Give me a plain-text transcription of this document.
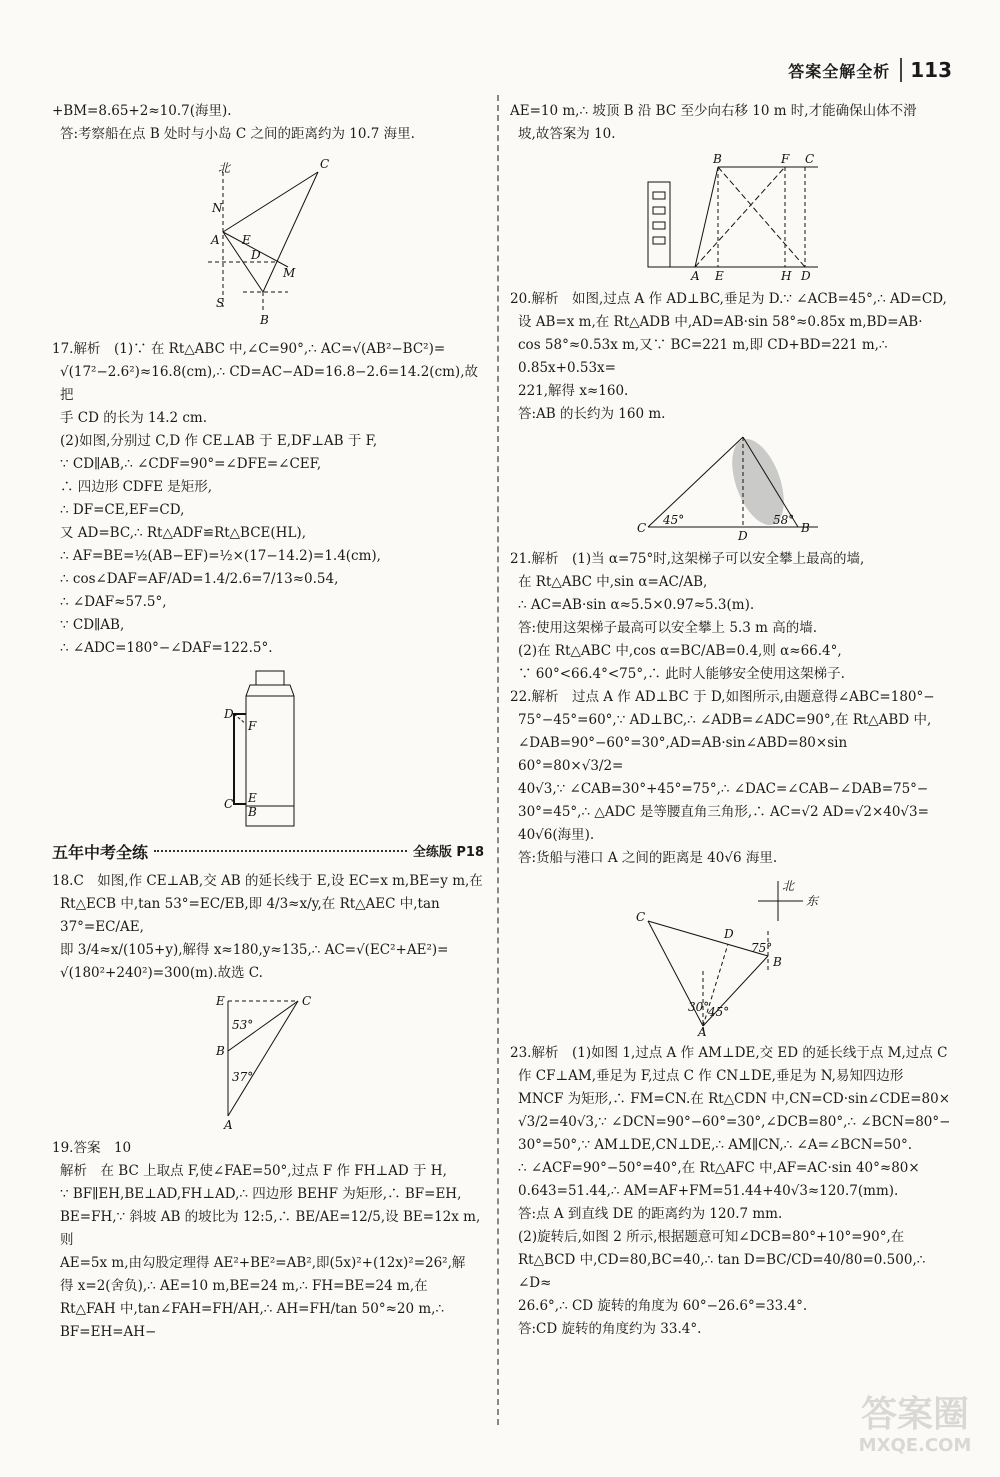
答案全解全析	113

+BM=8.65+2≈10.7(海里).

答:考察船在点 B 处时与小岛 C 之间的距离约为 10.7 海里.

北
N
A E
D
M
S
B
C

17.解析　(1)∵ 在 Rt△ABC 中,∠C=90°,∴ AC=√(AB²−BC²)=

√(17²−2.6²)≈16.8(cm),∴ CD=AC−AD=16.8−2.6=14.2(cm),故把

手 CD 的长为 14.2 cm.

(2)如图,分别过 C,D 作 CE⊥AB 于 E,DF⊥AB 于 F,

∵ CD∥AB,∴ ∠CDF=90°=∠DFE=∠CEF,

∴ 四边形 CDFE 是矩形,

∴ DF=CE,EF=CD,

又 AD=BC,∴ Rt△ADF≌Rt△BCE(HL),

∴ AF=BE=½(AB−EF)=½×(17−14.2)=1.4(cm),

∴ cos∠DAF=AF/AD=1.4/2.6=7/13≈0.54,

∴ ∠DAF≈57.5°,

∵ CD∥AB,

∴ ∠ADC=180°−∠DAF=122.5°.

D
F
C E
B
五年中考全练	全练版 P18

18.C　如图,作 CE⊥AB,交 AB 的延长线于 E,设 EC=x m,BE=y m,在

Rt△ECB 中,tan 53°=EC/EB,即 4/3≈x/y,在 Rt△AEC 中,tan 37°=EC/AE,

即 3/4≈x/(105+y),解得 x≈180,y≈135,∴ AC=√(EC²+AE²)=

√(180²+240²)=300(m).故选 C.

E	C
53°
B
37°
A

19.答案　10

解析　在 BC 上取点 F,使∠FAE=50°,过点 F 作 FH⊥AD 于 H,

∵ BF∥EH,BE⊥AD,FH⊥AD,∴ 四边形 BEHF 为矩形,∴ BF=EH,

BE=FH,∵ 斜坡 AB 的坡比为 12:5,∴ BE/AE=12/5,设 BE=12x m,则

AE=5x m,由勾股定理得 AE²+BE²=AB²,即(5x)²+(12x)²=26²,解

得 x=2(舍负),∴ AE=10 m,BE=24 m,∴ FH=BE=24 m,在

Rt△FAH 中,tan∠FAH=FH/AH,∴ AH=FH/tan 50°≈20 m,∴ BF=EH=AH−

AE=10 m,∴ 坡顶 B 沿 BC 至少向右移 10 m 时,才能确保山体不滑

坡,故答案为 10.

B	F C
A E	H D

20.解析　如图,过点 A 作 AD⊥BC,垂足为 D.∵ ∠ACB=45°,∴ AD=CD,

设 AB=x m,在 Rt△ADB 中,AD=AB·sin 58°≈0.85x m,BD=AB·

cos 58°≈0.53x m,又∵ BC=221 m,即 CD+BD=221 m,∴ 0.85x+0.53x=

221,解得 x≈160.

答:AB 的长约为 160 m.

C
45°
D
58°
B

21.解析　(1)当 α=75°时,这架梯子可以安全攀上最高的墙,

在 Rt△ABC 中,sin α=AC/AB,

∴ AC=AB·sin α≈5.5×0.97≈5.3(m).

答:使用这架梯子最高可以安全攀上 5.3 m 高的墙.

(2)在 Rt△ABC 中,cos α=BC/AB=0.4,则 α≈66.4°,

∵ 60°<66.4°<75°,∴ 此时人能够安全使用这架梯子.

22.解析　过点 A 作 AD⊥BC 于 D,如图所示,由题意得∠ABC=180°−

75°−45°=60°,∵ AD⊥BC,∴ ∠ADB=∠ADC=90°,在 Rt△ABD 中,

∠DAB=90°−60°=30°,AD=AB·sin∠ABD=80×sin 60°=80×√3/2=

40√3,∵ ∠CAB=30°+45°=75°,∴ ∠DAC=∠CAB−∠DAB=75°−

30°=45°,∴ △ADC 是等腰直角三角形,∴ AC=√2 AD=√2×40√3=

40√6(海里).

答:货船与港口 A 之间的距离是 40√6 海里.

北
东
C
D
75°
B
30°
45°
A

23.解析　(1)如图 1,过点 A 作 AM⊥DE,交 ED 的延长线于点 M,过点 C

作 CF⊥AM,垂足为 F,过点 C 作 CN⊥DE,垂足为 N,易知四边形

MNCF 为矩形,∴ FM=CN.在 Rt△CDN 中,CN=CD·sin∠CDE=80×

√3/2=40√3,∵ ∠DCN=90°−60°=30°,∠DCB=80°,∴ ∠BCN=80°−

30°=50°,∵ AM⊥DE,CN⊥DE,∴ AM∥CN,∴ ∠A=∠BCN=50°.

∴ ∠ACF=90°−50°=40°,在 Rt△AFC 中,AF=AC·sin 40°≈80×

0.643=51.44,∴ AM=AF+FM=51.44+40√3≈120.7(mm).

答:点 A 到直线 DE 的距离约为 120.7 mm.

(2)旋转后,如图 2 所示,根据题意可知∠DCB=80°+10°=90°,在

Rt△BCD 中,CD=80,BC=40,∴ tan D=BC/CD=40/80=0.500,∴ ∠D≈

26.6°,∴ CD 旋转的角度为 60°−26.6°=33.4°.

答:CD 旋转的角度约为 33.4°.

答案圈
MXQE.COM
